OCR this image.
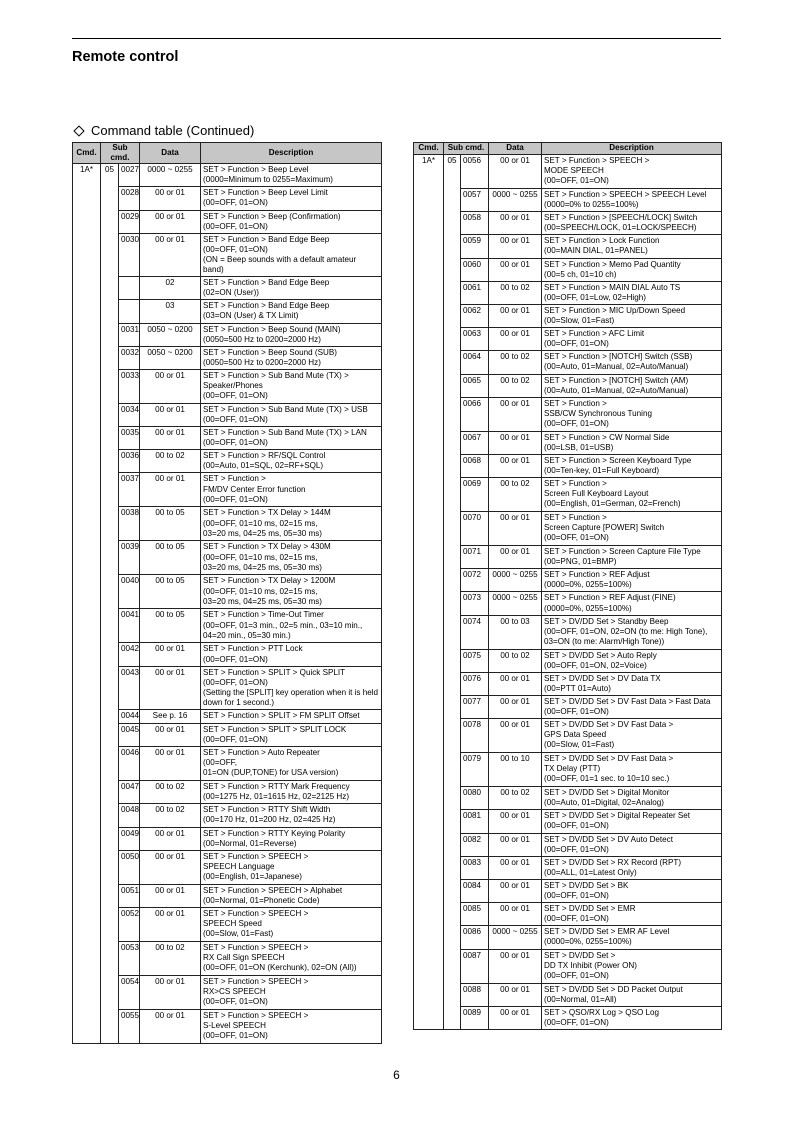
Remote control
Command table (Continued)
Cmd.	Sub cmd.		Data	Description
1A*	05	0027	0000 ~ 0255	SET > Function > Beep Level
(0000=Minimum to 0255=Maximum)
		0028	00 or 01	SET > Function > Beep Level Limit
(00=OFF, 01=ON)
		0029	00 or 01	SET > Function > Beep (Confirmation)
(00=OFF, 01=ON)
		0030	00 or 01	SET > Function > Band Edge Beep
(00=OFF, 01=ON)
(ON = Beep sounds with a default amateur band)
			02	SET > Function > Band Edge Beep
(02=ON (User))
			03	SET > Function > Band Edge Beep
(03=ON (User) & TX Limit)
		0031	0050 ~ 0200	SET > Function > Beep Sound (MAIN)
(0050=500 Hz to 0200=2000 Hz)
		0032	0050 ~ 0200	SET > Function > Beep Sound (SUB)
(0050=500 Hz to 0200=2000 Hz)
		0033	00 or 01	SET > Function > Sub Band Mute (TX) >
Speaker/Phones
(00=OFF, 01=ON)
		0034	00 or 01	SET > Function > Sub Band Mute (TX) > USB
(00=OFF, 01=ON)
		0035	00 or 01	SET > Function > Sub Band Mute (TX) > LAN
(00=OFF, 01=ON)
		0036	00 to 02	SET > Function > RF/SQL Control
(00=Auto, 01=SQL, 02=RF+SQL)
		0037	00 or 01	SET > Function >
FM/DV Center Error function
(00=OFF, 01=ON)
		0038	00 to 05	SET > Function > TX Delay > 144M
(00=OFF, 01=10 ms, 02=15 ms,
03=20 ms, 04=25 ms, 05=30 ms)
		0039	00 to 05	SET > Function > TX Delay > 430M
(00=OFF, 01=10 ms, 02=15 ms,
03=20 ms, 04=25 ms, 05=30 ms)
		0040	00 to 05	SET > Function > TX Delay > 1200M
(00=OFF, 01=10 ms, 02=15 ms,
03=20 ms, 04=25 ms, 05=30 ms)
		0041	00 to 05	SET > Function > Time-Out Timer
(00=OFF, 01=3 min., 02=5 min., 03=10 min.,
04=20 min., 05=30 min.)
		0042	00 or 01	SET > Function > PTT Lock
(00=OFF, 01=ON)
		0043	00 or 01	SET > Function > SPLIT > Quick SPLIT
(00=OFF, 01=ON)
(Setting the [SPLIT] key operation when it is held down for 1 second.)
		0044	See p. 16	SET > Function > SPLIT > FM SPLIT Offset
		0045	00 or 01	SET > Function > SPLIT > SPLIT LOCK
(00=OFF, 01=ON)
		0046	00 or 01	SET > Function > Auto Repeater
(00=OFF,
01=ON (DUP,TONE) for USA version)
		0047	00 to 02	SET > Function > RTTY Mark Frequency
(00=1275 Hz, 01=1615 Hz, 02=2125 Hz)
		0048	00 to 02	SET > Function > RTTY Shift Width
(00=170 Hz, 01=200 Hz, 02=425 Hz)
		0049	00 or 01	SET > Function > RTTY Keying Polarity
(00=Normal, 01=Reverse)
		0050	00 or 01	SET > Function > SPEECH >
SPEECH Language
(00=English, 01=Japanese)
		0051	00 or 01	SET > Function > SPEECH > Alphabet
(00=Normal, 01=Phonetic Code)
		0052	00 or 01	SET > Function > SPEECH >
SPEECH Speed
(00=Slow, 01=Fast)
		0053	00 to 02	SET > Function > SPEECH >
RX Call Sign SPEECH
(00=OFF, 01=ON (Kerchunk), 02=ON (All))
		0054	00 or 01	SET > Function > SPEECH >
RX>CS SPEECH
(00=OFF, 01=ON)
		0055	00 or 01	SET > Function > SPEECH >
S-Level SPEECH
(00=OFF, 01=ON)
Cmd.	Sub cmd.		Data	Description
1A*	05	0056	00 or 01	SET > Function > SPEECH >
MODE SPEECH
(00=OFF, 01=ON)
		0057	0000 ~ 0255	SET > Function > SPEECH > SPEECH Level
(0000=0% to 0255=100%)
		0058	00 or 01	SET > Function > [SPEECH/LOCK] Switch
(00=SPEECH/LOCK, 01=LOCK/SPEECH)
		0059	00 or 01	SET > Function > Lock Function
(00=MAIN DIAL, 01=PANEL)
		0060	00 or 01	SET > Function > Memo Pad Quantity
(00=5 ch, 01=10 ch)
		0061	00 to 02	SET > Function > MAIN DIAL Auto TS
(00=OFF, 01=Low, 02=High)
		0062	00 or 01	SET > Function > MIC Up/Down Speed
(00=Slow, 01=Fast)
		0063	00 or 01	SET > Function > AFC Limit
(00=OFF, 01=ON)
		0064	00 to 02	SET > Function > [NOTCH] Switch (SSB)
(00=Auto, 01=Manual, 02=Auto/Manual)
		0065	00 to 02	SET > Function > [NOTCH] Switch (AM)
(00=Auto, 01=Manual, 02=Auto/Manual)
		0066	00 or 01	SET > Function >
SSB/CW Synchronous Tuning
(00=OFF, 01=ON)
		0067	00 or 01	SET > Function > CW Normal Side
(00=LSB, 01=USB)
		0068	00 or 01	SET > Function > Screen Keyboard Type
(00=Ten-key, 01=Full Keyboard)
		0069	00 to 02	SET > Function >
Screen Full Keyboard Layout
(00=English, 01=German, 02=French)
		0070	00 or 01	SET > Function >
Screen Capture [POWER] Switch
(00=OFF, 01=ON)
		0071	00 or 01	SET > Function > Screen Capture File Type
(00=PNG, 01=BMP)
		0072	0000 ~ 0255	SET > Function > REF Adjust
(0000=0%, 0255=100%)
		0073	0000 ~ 0255	SET > Function > REF Adjust (FINE)
(0000=0%, 0255=100%)
		0074	00 to 03	SET > DV/DD Set > Standby Beep
(00=OFF, 01=ON, 02=ON (to me: High Tone),
03=ON (to me: Alarm/High Tone))
		0075	00 to 02	SET > DV/DD Set > Auto Reply
(00=OFF, 01=ON, 02=Voice)
		0076	00 or 01	SET > DV/DD Set > DV Data TX
(00=PTT 01=Auto)
		0077	00 or 01	SET > DV/DD Set > DV Fast Data > Fast Data
(00=OFF, 01=ON)
		0078	00 or 01	SET > DV/DD Set > DV Fast Data >
GPS Data Speed
(00=Slow, 01=Fast)
		0079	00 to 10	SET > DV/DD Set > DV Fast Data >
TX Delay (PTT)
(00=OFF, 01=1 sec. to 10=10 sec.)
		0080	00 to 02	SET > DV/DD Set > Digital Monitor
(00=Auto, 01=Digital, 02=Analog)
		0081	00 or 01	SET > DV/DD Set > Digital Repeater Set
(00=OFF, 01=ON)
		0082	00 or 01	SET > DV/DD Set > DV Auto Detect
(00=OFF, 01=ON)
		0083	00 or 01	SET > DV/DD Set > RX Record (RPT)
(00=ALL, 01=Latest Only)
		0084	00 or 01	SET > DV/DD Set > BK
(00=OFF, 01=ON)
		0085	00 or 01	SET > DV/DD Set > EMR
(00=OFF, 01=ON)
		0086	0000 ~ 0255	SET > DV/DD Set > EMR AF Level
(0000=0%, 0255=100%)
		0087	00 or 01	SET > DV/DD Set >
DD TX Inhibit (Power ON)
(00=OFF, 01=ON)
		0088	00 or 01	SET > DV/DD Set > DD Packet Output
(00=Normal, 01=All)
		0089	00 or 01	SET > QSO/RX Log > QSO Log
(00=OFF, 01=ON)
6
